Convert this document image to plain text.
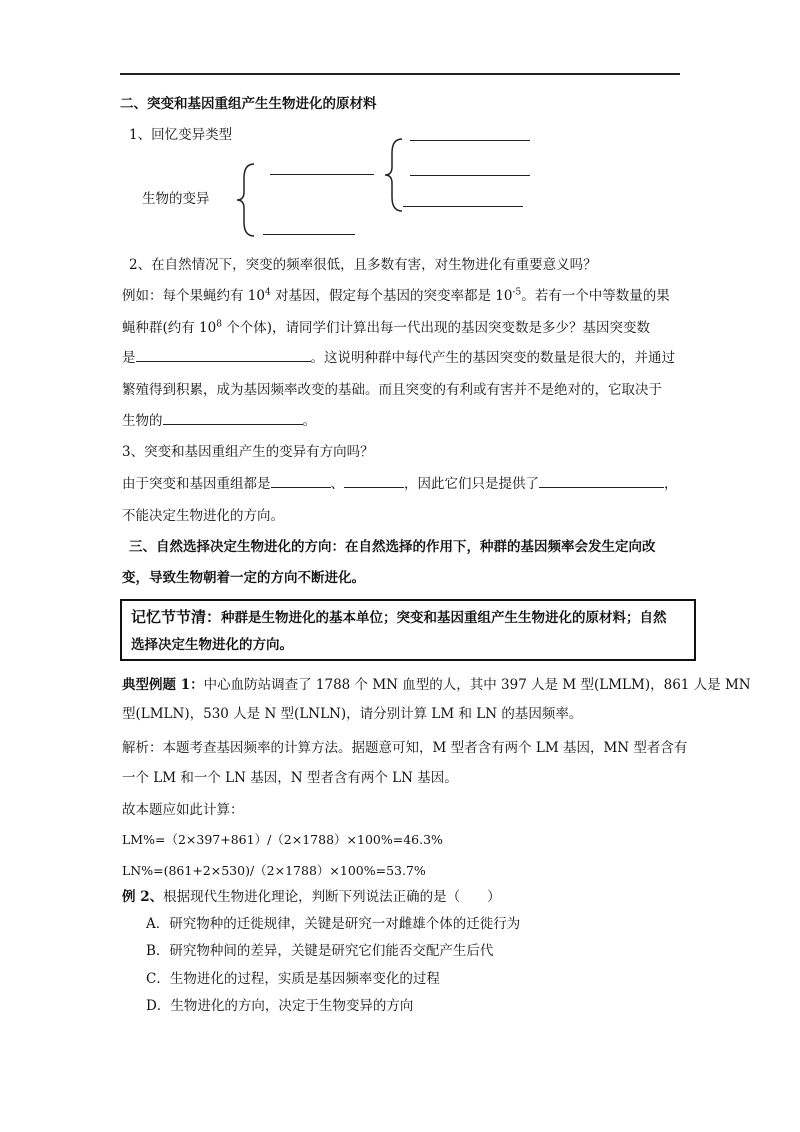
二、突变和基因重组产生生物进化的原材料
1、回忆变异类型
生物的变异
2、在自然情况下，突变的频率很低，且多数有害，对生物进化有重要意义吗？
例如：每个果蝇约有 $10^4$ 对基因，假定每个基因的突变率都是 $10^{-5}$。若有一个中等数量的果
蝇种群(约有 $10^8$ 个个体)，请同学们计算出每一代出现的基因突变数是多少？基因突变数
是	。这说明种群中每代产生的基因突变的数量是很大的，并通过
繁殖得到积累，成为基因频率改变的基础。而且突变的有利或有害并不是绝对的，它取决于
生物的	。
3、突变和基因重组产生的变异有方向吗？
由于突变和基因重组都是	、	，因此它们只是提供了	，
不能决定生物进化的方向。
三、自然选择决定生物进化的方向：在自然选择的作用下，种群的基因频率会发生定向改
变，导致生物朝着一定的方向不断进化。
记忆节节清：种群是生物进化的基本单位；突变和基因重组产生生物进化的原材料；自然
选择决定生物进化的方向。
典型例题 1：中心血防站调查了 1788 个 MN 血型的人，其中 397 人是 M 型(LMLM)，861 人是 MN
型(LMLN)，530 人是 N 型(LNLN)，请分别计算 LM 和 LN 的基因频率。
解析：本题考查基因频率的计算方法。据题意可知，M 型者含有两个 LM 基因，MN 型者含有
一个 LM 和一个 LN 基因，N 型者含有两个 LN 基因。
故本题应如此计算：
LM%=（2×397+861）/（2×1788）×100%=46.3%
LN%=(861+2×530)/（2×1788）×100%=53.7%
例 2、根据现代生物进化理论，判断下列说法正确的是（　　）
A．研究物种的迁徙规律，关键是研究一对雌雄个体的迁徙行为
B．研究物种间的差异，关键是研究它们能否交配产生后代
C．生物进化的过程，实质是基因频率变化的过程
D．生物进化的方向，决定于生物变异的方向
